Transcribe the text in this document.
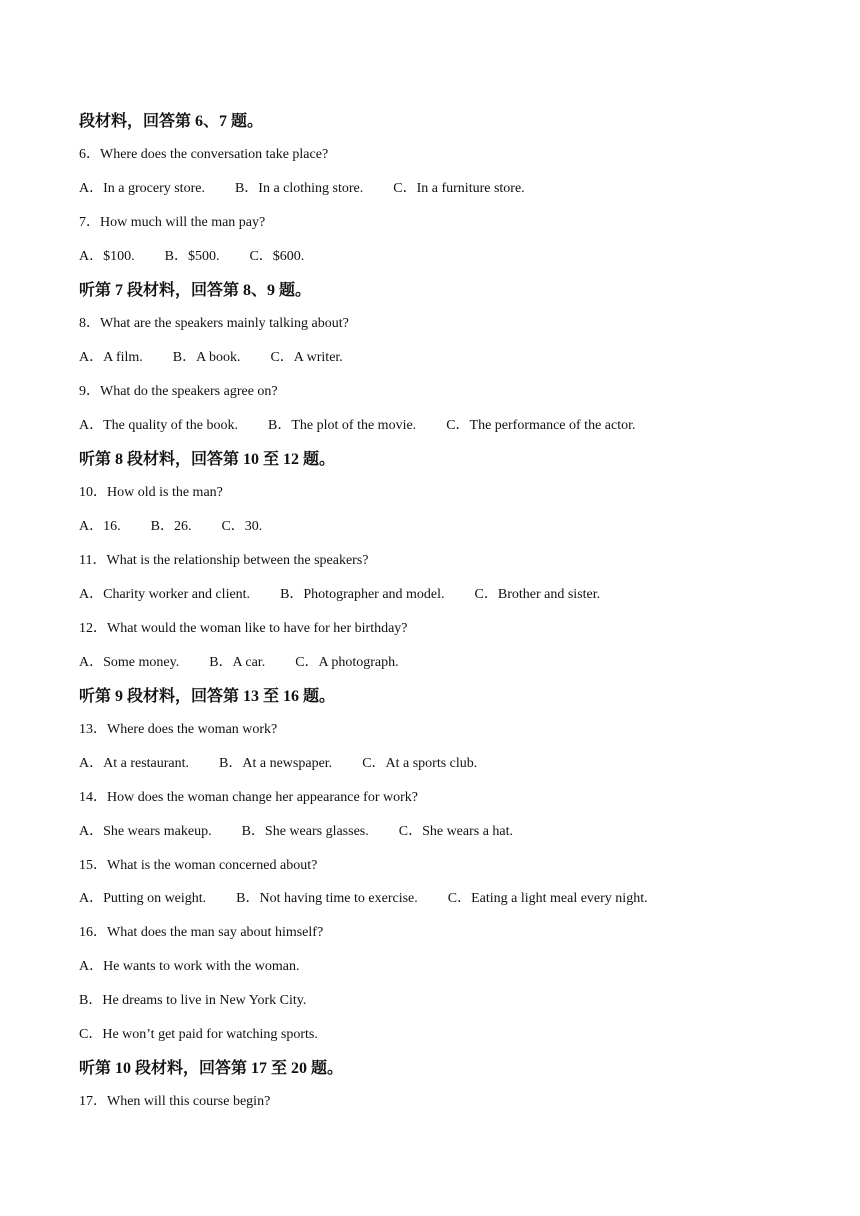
段材料，回答第 6、7 题。
6．Where does the conversation take place?
A．In a grocery store. B．In a clothing store. C．In a furniture store.
7．How much will the man pay?
A．$100. B．$500. C．$600.
听第 7 段材料，回答第 8、9 题。
8．What are the speakers mainly talking about?
A．A film. B．A book. C．A writer.
9．What do the speakers agree on?
A．The quality of the book. B．The plot of the movie. C．The performance of the actor.
听第 8 段材料，回答第 10 至 12 题。
10．How old is the man?
A．16. B．26. C．30.
11．What is the relationship between the speakers?
A．Charity worker and client. B．Photographer and model. C．Brother and sister.
12．What would the woman like to have for her birthday?
A．Some money. B．A car. C．A photograph.
听第 9 段材料，回答第 13 至 16 题。
13．Where does the woman work?
A．At a restaurant. B．At a newspaper. C．At a sports club.
14．How does the woman change her appearance for work?
A．She wears makeup. B．She wears glasses. C．She wears a hat.
15．What is the woman concerned about?
A．Putting on weight. B．Not having time to exercise. C．Eating a light meal every night.
16．What does the man say about himself?
A．He wants to work with the woman.
B．He dreams to live in New York City.
C．He won’t get paid for watching sports.
听第 10 段材料，回答第 17 至 20 题。
17．When will this course begin?
